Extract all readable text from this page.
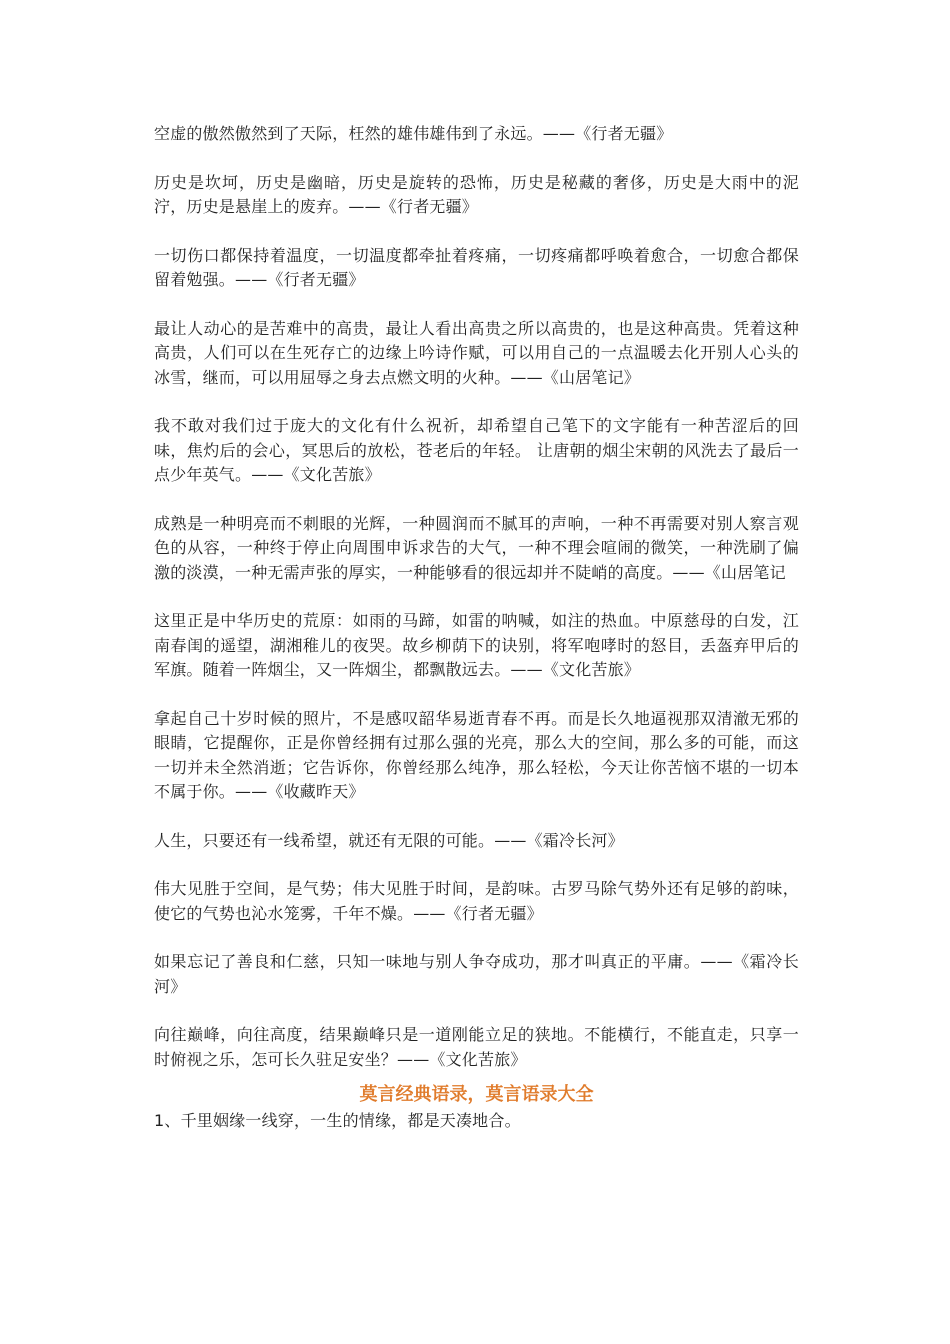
空虚的傲然傲然到了天际，枉然的雄伟雄伟到了永远。——《行者无疆》

历史是坎坷，历史是幽暗，历史是旋转的恐怖，历史是秘藏的奢侈，历史是大雨中的泥泞，历史是悬崖上的废弃。——《行者无疆》

一切伤口都保持着温度，一切温度都牵扯着疼痛，一切疼痛都呼唤着愈合，一切愈合都保留着勉强。——《行者无疆》

最让人动心的是苦难中的高贵，最让人看出高贵之所以高贵的，也是这种高贵。凭着这种高贵，人们可以在生死存亡的边缘上吟诗作赋，可以用自己的一点温暖去化开别人心头的冰雪，继而，可以用屈辱之身去点燃文明的火种。——《山居笔记》

我不敢对我们过于庞大的文化有什么祝祈，却希望自己笔下的文字能有一种苦涩后的回味，焦灼后的会心，冥思后的放松，苍老后的年轻。 让唐朝的烟尘宋朝的风洗去了最后一点少年英气。——《文化苦旅》

成熟是一种明亮而不刺眼的光辉，一种圆润而不腻耳的声响，一种不再需要对别人察言观色的从容，一种终于停止向周围申诉求告的大气，一种不理会喧闹的微笑，一种洗刷了偏激的淡漠，一种无需声张的厚实，一种能够看的很远却并不陡峭的高度。——《山居笔记

这里正是中华历史的荒原：如雨的马蹄，如雷的呐喊，如注的热血。中原慈母的白发，江南春闺的遥望，湖湘稚儿的夜哭。故乡柳荫下的诀别，将军咆哮时的怒目，丢盔弃甲后的军旗。随着一阵烟尘，又一阵烟尘，都飘散远去。——《文化苦旅》

拿起自己十岁时候的照片，不是感叹韶华易逝青春不再。而是长久地逼视那双清澈无邪的眼睛，它提醒你，正是你曾经拥有过那么强的光亮，那么大的空间，那么多的可能，而这一切并未全然消逝；它告诉你，你曾经那么纯净，那么轻松，今天让你苦恼不堪的一切本不属于你。——《收藏昨天》

人生，只要还有一线希望，就还有无限的可能。——《霜冷长河》

伟大见胜于空间，是气势；伟大见胜于时间，是韵味。古罗马除气势外还有足够的韵味，使它的气势也沁水笼雾，千年不燥。——《行者无疆》

如果忘记了善良和仁慈，只知一味地与别人争夺成功，那才叫真正的平庸。——《霜冷长河》

向往巅峰，向往高度，结果巅峰只是一道刚能立足的狭地。不能横行，不能直走，只享一时俯视之乐，怎可长久驻足安坐？——《文化苦旅》

莫言经典语录，莫言语录大全

1、千里姻缘一线穿，一生的情缘，都是天凑地合。
